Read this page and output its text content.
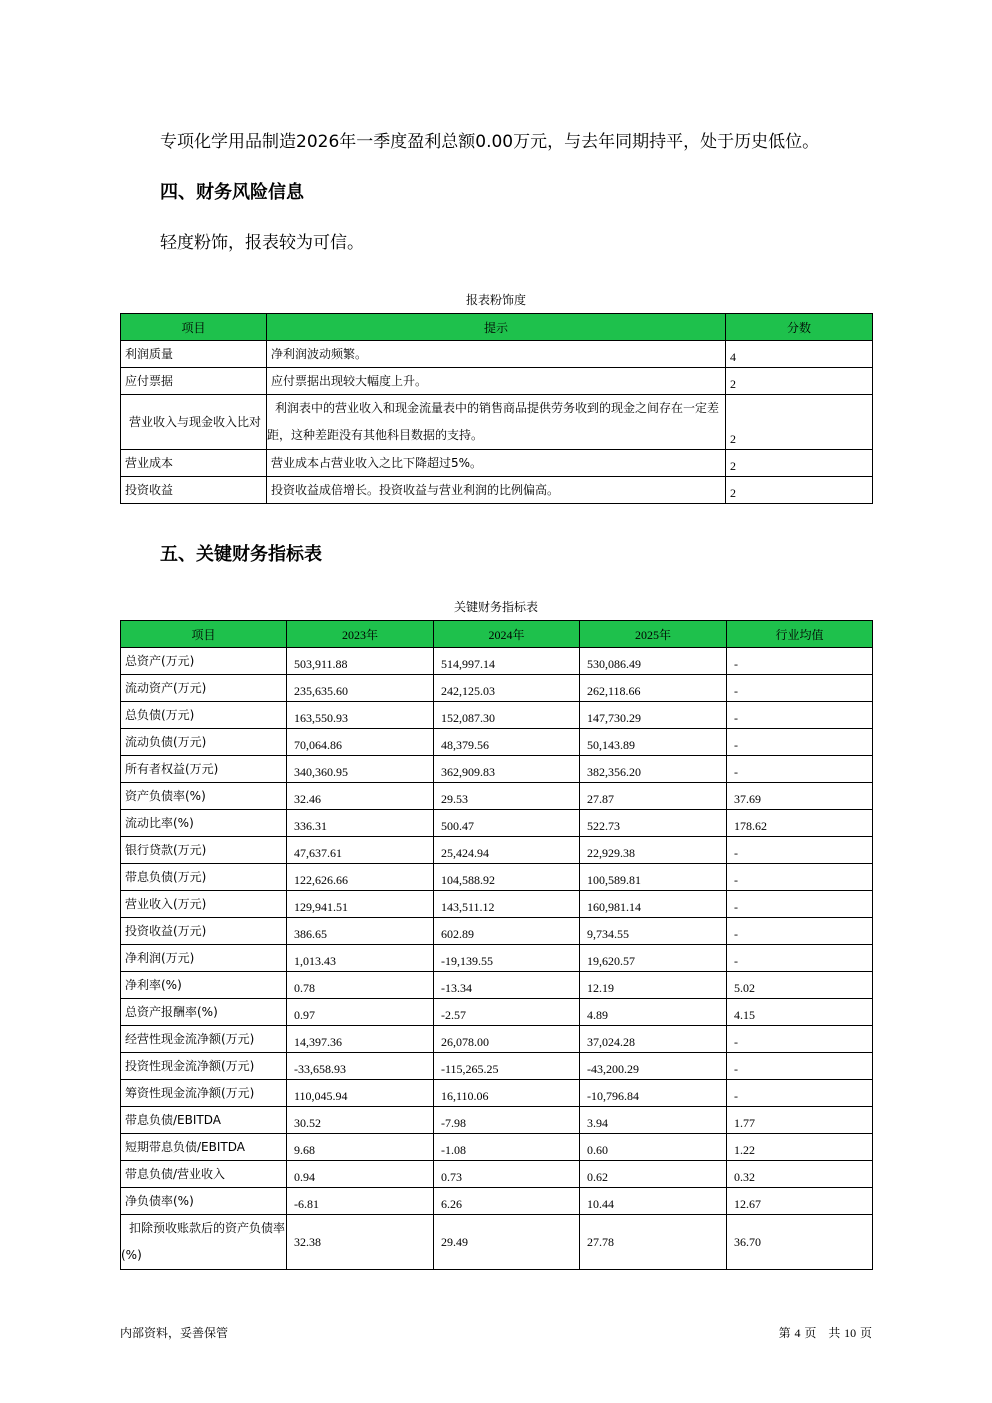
专项化学用品制造2026年一季度盈利总额0.00万元，与去年同期持平，处于历史低位。
四、财务风险信息
轻度粉饰，报表较为可信。
报表粉饰度
项目	提示	分数
利润质量	净利润波动频繁。	4
应付票据	应付票据出现较大幅度上升。	2
营业收入与现金收入比对	利润表中的营业收入和现金流量表中的销售商品提供劳务收到的现金之间存在一定差距，这种差距没有其他科目数据的支持。	2
营业成本	营业成本占营业收入之比下降超过5%。	2
投资收益	投资收益成倍增长。投资收益与营业利润的比例偏高。	2
五、关键财务指标表
关键财务指标表
项目	2023年	2024年	2025年	行业均值
总资产(万元)	503,911.88	514,997.14	530,086.49	-
流动资产(万元)	235,635.60	242,125.03	262,118.66	-
总负债(万元)	163,550.93	152,087.30	147,730.29	-
流动负债(万元)	70,064.86	48,379.56	50,143.89	-
所有者权益(万元)	340,360.95	362,909.83	382,356.20	-
资产负债率(%)	32.46	29.53	27.87	37.69
流动比率(%)	336.31	500.47	522.73	178.62
银行贷款(万元)	47,637.61	25,424.94	22,929.38	-
带息负债(万元)	122,626.66	104,588.92	100,589.81	-
营业收入(万元)	129,941.51	143,511.12	160,981.14	-
投资收益(万元)	386.65	602.89	9,734.55	-
净利润(万元)	1,013.43	-19,139.55	19,620.57	-
净利率(%)	0.78	-13.34	12.19	5.02
总资产报酬率(%)	0.97	-2.57	4.89	4.15
经营性现金流净额(万元)	14,397.36	26,078.00	37,024.28	-
投资性现金流净额(万元)	-33,658.93	-115,265.25	-43,200.29	-
筹资性现金流净额(万元)	110,045.94	16,110.06	-10,796.84	-
带息负债/EBITDA	30.52	-7.98	3.94	1.77
短期带息负债/EBITDA	9.68	-1.08	0.60	1.22
带息负债/营业收入	0.94	0.73	0.62	0.32
净负债率(%)	-6.81	6.26	10.44	12.67
扣除预收账款后的资产负债率(%)	32.38	29.49	27.78	36.70
内部资料，妥善保管	第 4 页　共 10 页
